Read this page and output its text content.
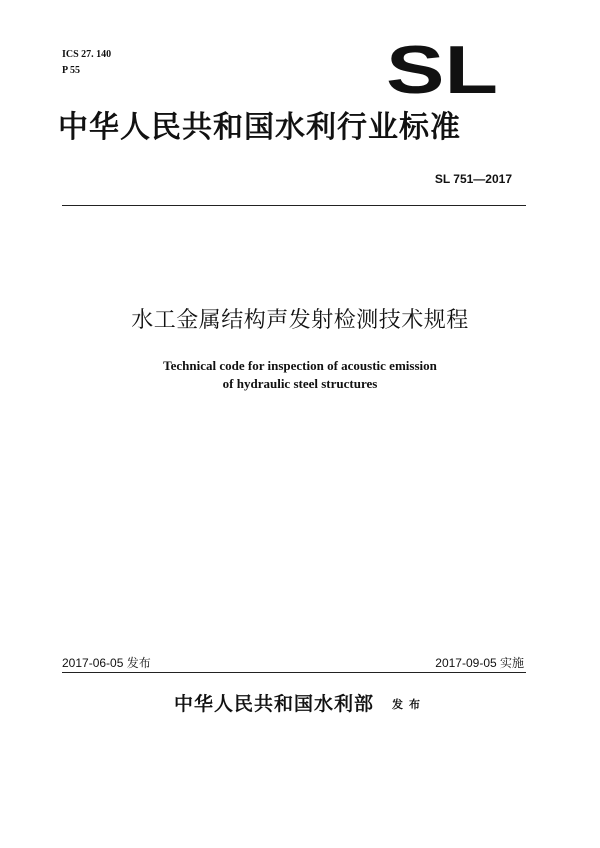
ICS 27. 140
P 55	SL
中华人民共和国水利行业标准
SL 751—2017
水工金属结构声发射检测技术规程
Technical code for inspection of acoustic emission
of hydraulic steel structures
2017-06-05 发布	2017-09-05 实施
中华人民共和国水利部 发布
